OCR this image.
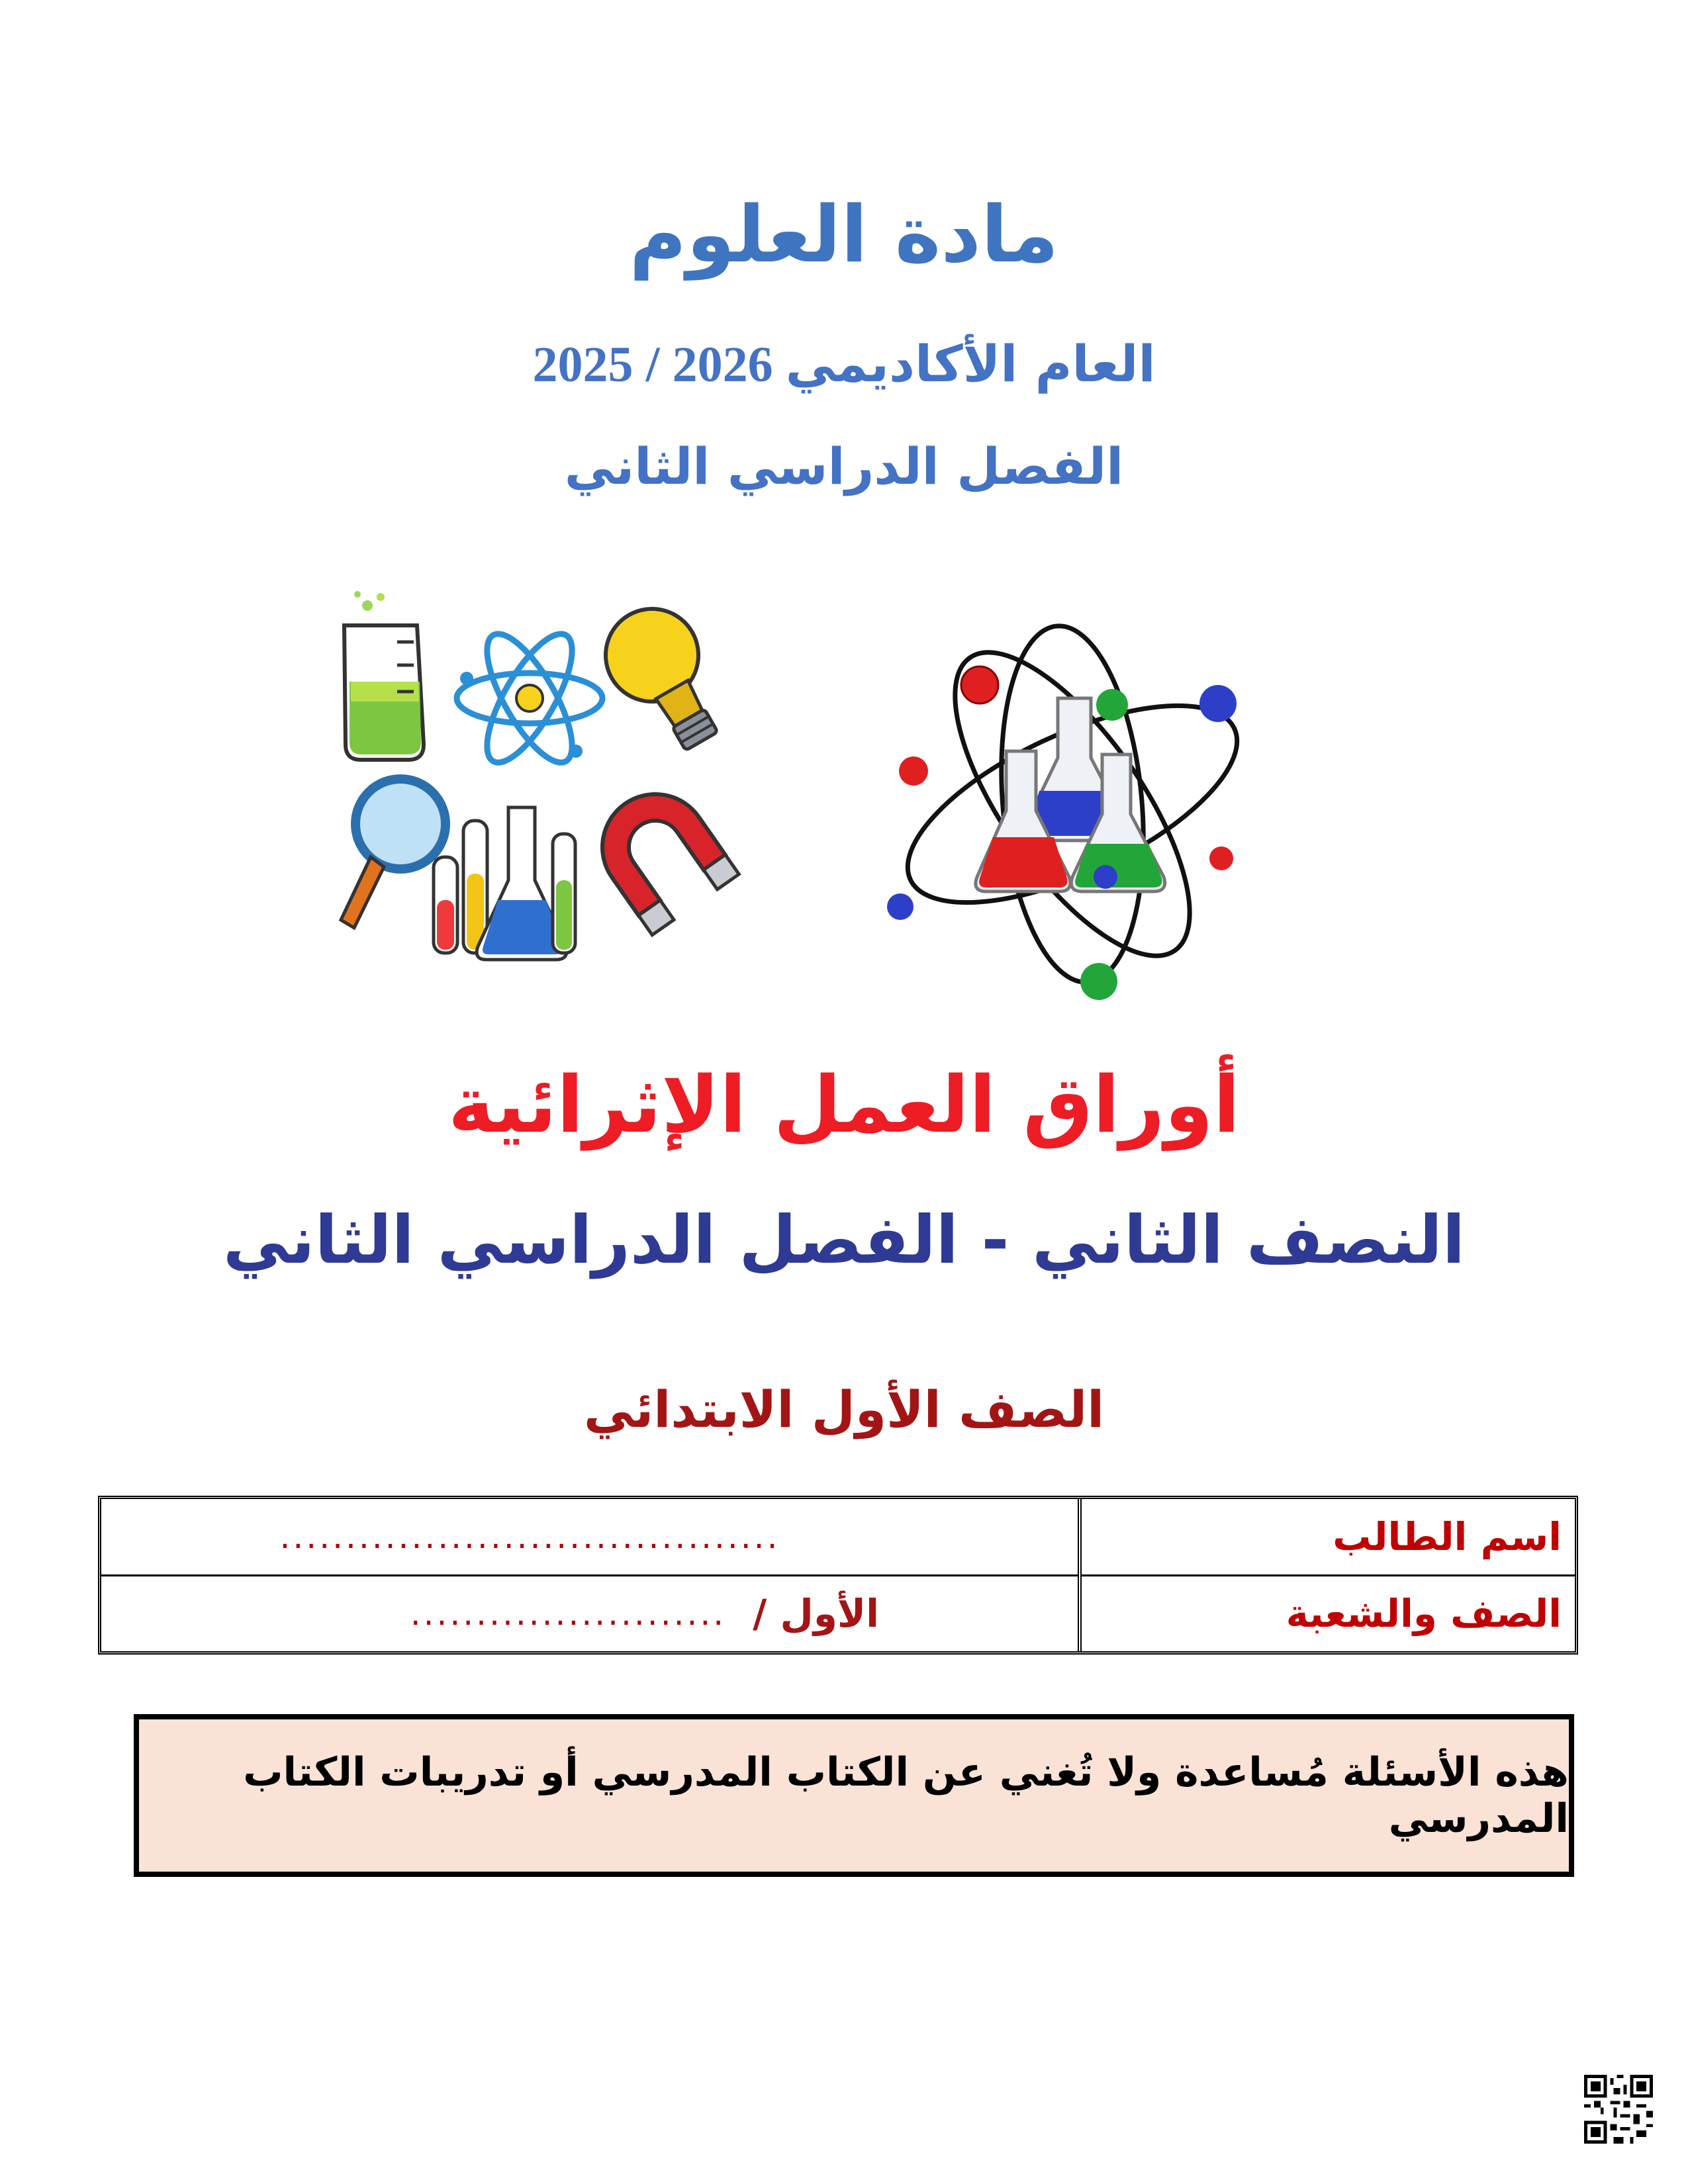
مادة العلوم
العام الأكاديمي 2025 / 2026
الفصل الدراسي الثاني
أوراق العمل الإثرائية
النصف الثاني - الفصل الدراسي الثاني
الصف الأول الابتدائي
اسم الطالب
الصف والشعبة
......................................
الأول /
........................
هذه الأسئلة مُساعدة ولا تُغني عن الكتاب المدرسي أو تدريبات الكتاب المدرسي
